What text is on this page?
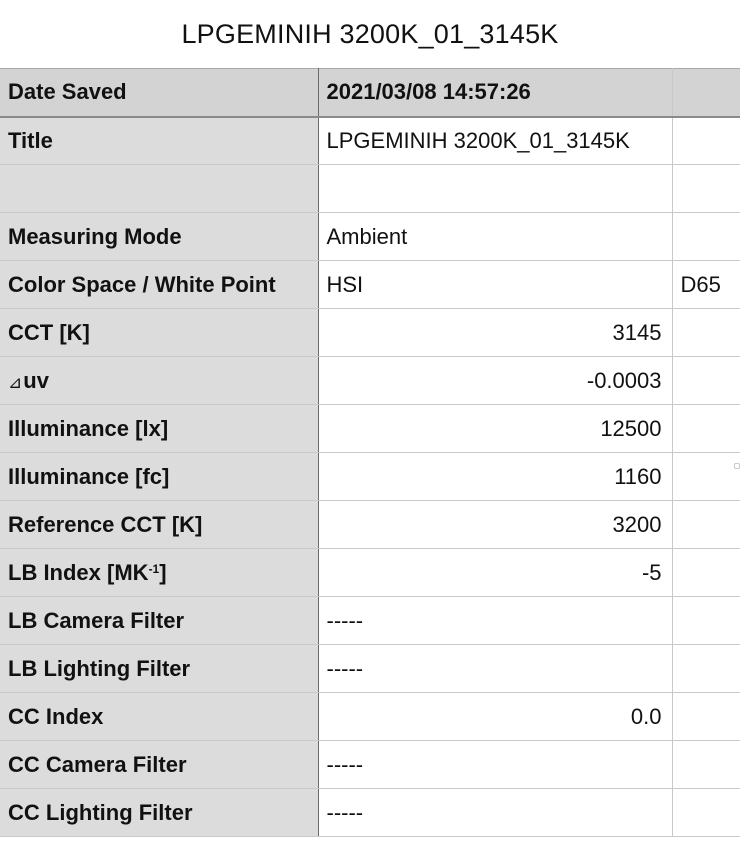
LPGEMINIH 3200K_01_3145K
Date Saved	2021/03/08 14:57:26	
Title	LPGEMINIH 3200K_01_3145K	

Measuring Mode	Ambient	
Color Space / White Point	HSI	D65
CCT [K]	3145	
⊿uv	-0.0003	
Illuminance [lx]	12500	
Illuminance [fc]	1160	
Reference CCT [K]	3200	
LB Index $[MK^{-1}]$	-5	
LB Camera Filter	-----	
LB Lighting Filter	-----	
CC Index	0.0	
CC Camera Filter	-----	
CC Lighting Filter	-----	
